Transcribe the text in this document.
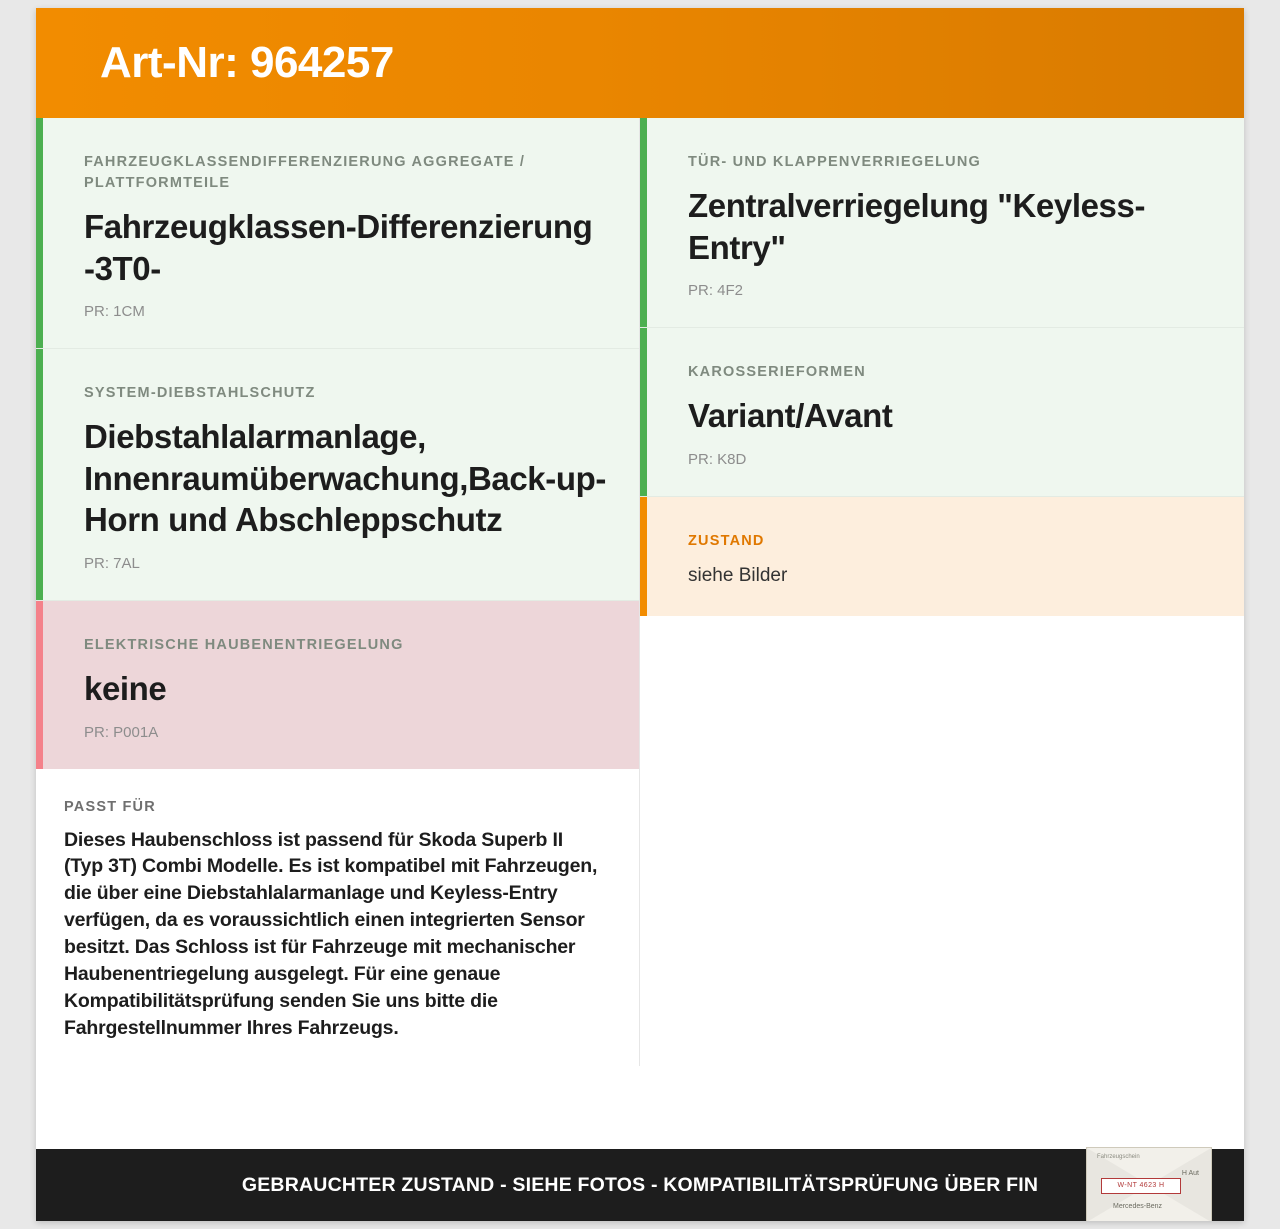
Art-Nr: 964257
FAHRZEUGKLASSENDIFFERENZIERUNG AGGREGATE / PLATTFORMTEILE
Fahrzeugklassen-Differenzierung -3T0-
PR: 1CM
SYSTEM-DIEBSTAHLSCHUTZ
Diebstahlalarmanlage, Innenraumüberwachung,Back-up-Horn und Abschleppschutz
PR: 7AL
ELEKTRISCHE HAUBENENTRIEGELUNG
keine
PR: P001A
PASST FÜR
Dieses Haubenschloss ist passend für Skoda Superb II (Typ 3T) Combi Modelle. Es ist kompatibel mit Fahrzeugen, die über eine Diebstahlalarmanlage und Keyless-Entry verfügen, da es voraussichtlich einen integrierten Sensor besitzt. Das Schloss ist für Fahrzeuge mit mechanischer Haubenentriegelung ausgelegt. Für eine genaue Kompatibilitätsprüfung senden Sie uns bitte die Fahrgestellnummer Ihres Fahrzeugs.
TÜR- UND KLAPPENVERRIEGELUNG
Zentralverriegelung "Keyless-Entry"
PR: 4F2
KAROSSERIEFORMEN
Variant/Avant
PR: K8D
ZUSTAND
siehe Bilder
GEBRAUCHTER ZUSTAND - SIEHE FOTOS - KOMPATIBILITÄTSPRÜFUNG ÜBER FIN
Fahrzeugschein
W-NT 4623 H
H Aut
Mercedes-Benz
